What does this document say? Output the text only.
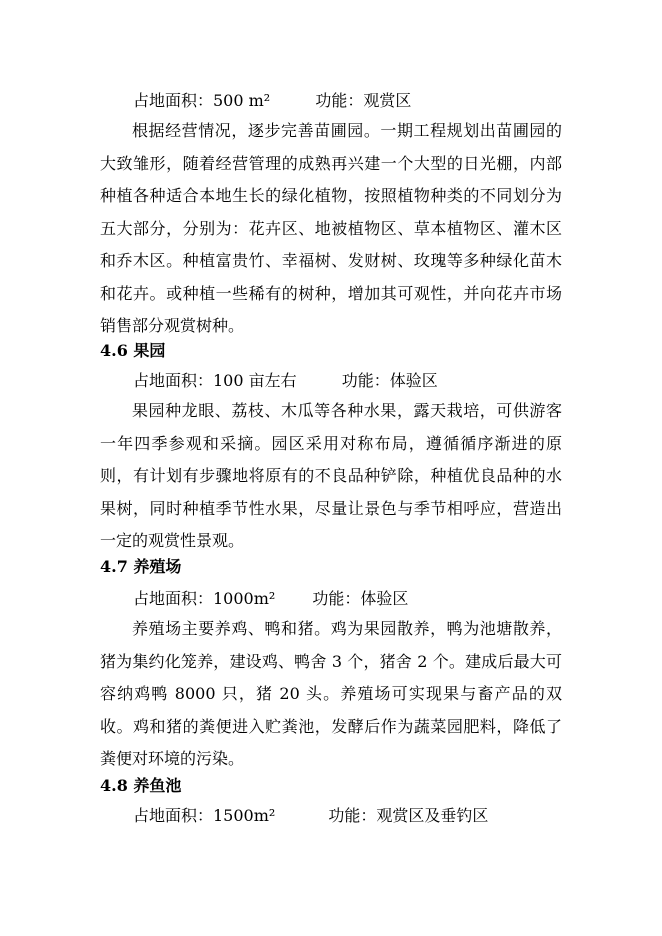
占地面积：500 m²	功能：观赏区

根据经营情况，逐步完善苗圃园。一期工程规划出苗圃园的大致雏形，随着经营管理的成熟再兴建一个大型的日光棚，内部种植各种适合本地生长的绿化植物，按照植物种类的不同划分为五大部分，分别为：花卉区、地被植物区、草本植物区、灌木区和乔木区。种植富贵竹、幸福树、发财树、玫瑰等多种绿化苗木和花卉。或种植一些稀有的树种，增加其可观性，并向花卉市场销售部分观赏树种。

4.6 果园
占地面积：100 亩左右	功能：体验区

果园种龙眼、荔枝、木瓜等各种水果，露天栽培，可供游客一年四季参观和采摘。园区采用对称布局，遵循循序渐进的原则，有计划有步骤地将原有的不良品种铲除，种植优良品种的水果树，同时种植季节性水果，尽量让景色与季节相呼应，营造出一定的观赏性景观。

4.7 养殖场
占地面积：1000m² 功能：体验区

养殖场主要养鸡、鸭和猪。鸡为果园散养，鸭为池塘散养，猪为集约化笼养，建设鸡、鸭舍 3 个，猪舍 2 个。建成后最大可容纳鸡鸭 8000 只，猪 20 头。养殖场可实现果与畜产品的双收。鸡和猪的粪便进入贮粪池，发酵后作为蔬菜园肥料，降低了粪便对环境的污染。

4.8 养鱼池
占地面积：1500m²	功能：观赏区及垂钓区
